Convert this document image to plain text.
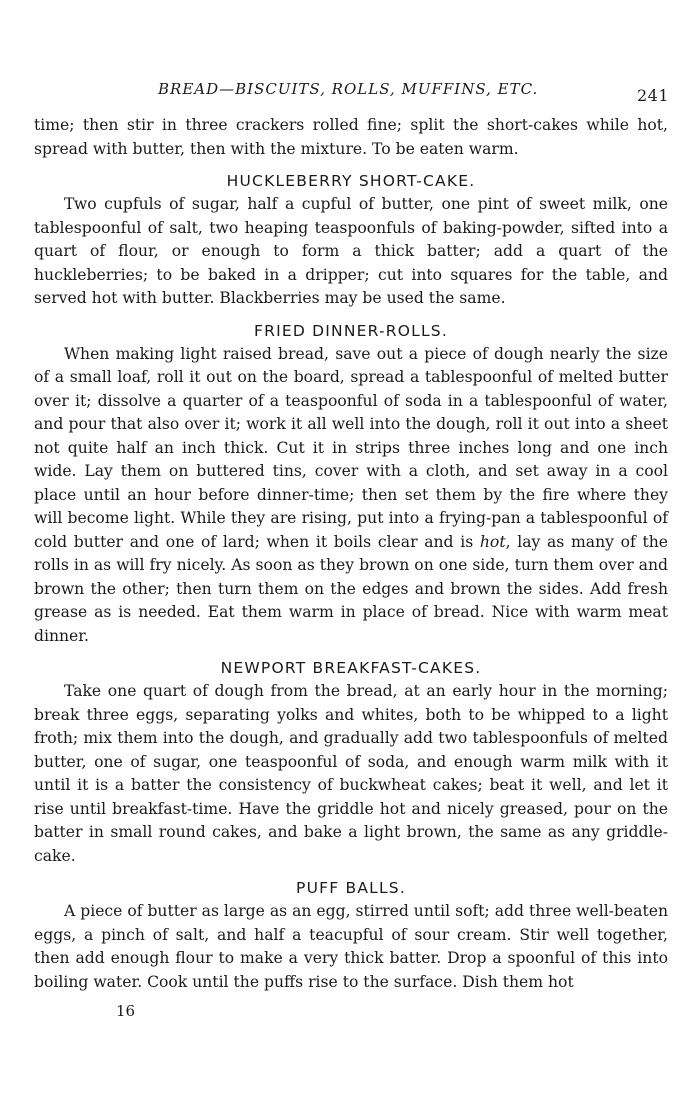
BREAD—BISCUITS, ROLLS, MUFFINS, ETC.	241

time; then stir in three crackers rolled fine; split the short-cakes while hot, spread with butter, then with the mixture. To be eaten warm.

HUCKLEBERRY SHORT-CAKE.

Two cupfuls of sugar, half a cupful of butter, one pint of sweet milk, one tablespoonful of salt, two heaping teaspoonfuls of baking-powder, sifted into a quart of flour, or enough to form a thick batter; add a quart of the huckleberries; to be baked in a dripper; cut into squares for the table, and served hot with butter. Blackberries may be used the same.

FRIED DINNER-ROLLS.

When making light raised bread, save out a piece of dough nearly the size of a small loaf, roll it out on the board, spread a tablespoonful of melted butter over it; dissolve a quarter of a teaspoonful of soda in a tablespoonful of water, and pour that also over it; work it all well into the dough, roll it out into a sheet not quite half an inch thick. Cut it in strips three inches long and one inch wide. Lay them on buttered tins, cover with a cloth, and set away in a cool place until an hour before dinner-time; then set them by the fire where they will become light. While they are rising, put into a frying-pan a tablespoonful of cold butter and one of lard; when it boils clear and is hot, lay as many of the rolls in as will fry nicely. As soon as they brown on one side, turn them over and brown the other; then turn them on the edges and brown the sides. Add fresh grease as is needed. Eat them warm in place of bread. Nice with warm meat dinner.

NEWPORT BREAKFAST-CAKES.

Take one quart of dough from the bread, at an early hour in the morning; break three eggs, separating yolks and whites, both to be whipped to a light froth; mix them into the dough, and gradually add two tablespoonfuls of melted butter, one of sugar, one teaspoonful of soda, and enough warm milk with it until it is a batter the consistency of buckwheat cakes; beat it well, and let it rise until breakfast-time. Have the griddle hot and nicely greased, pour on the batter in small round cakes, and bake a light brown, the same as any griddle-cake.

PUFF BALLS.

A piece of butter as large as an egg, stirred until soft; add three well-beaten eggs, a pinch of salt, and half a teacupful of sour cream. Stir well together, then add enough flour to make a very thick batter. Drop a spoonful of this into boiling water. Cook until the puffs rise to the surface. Dish them hot

16
